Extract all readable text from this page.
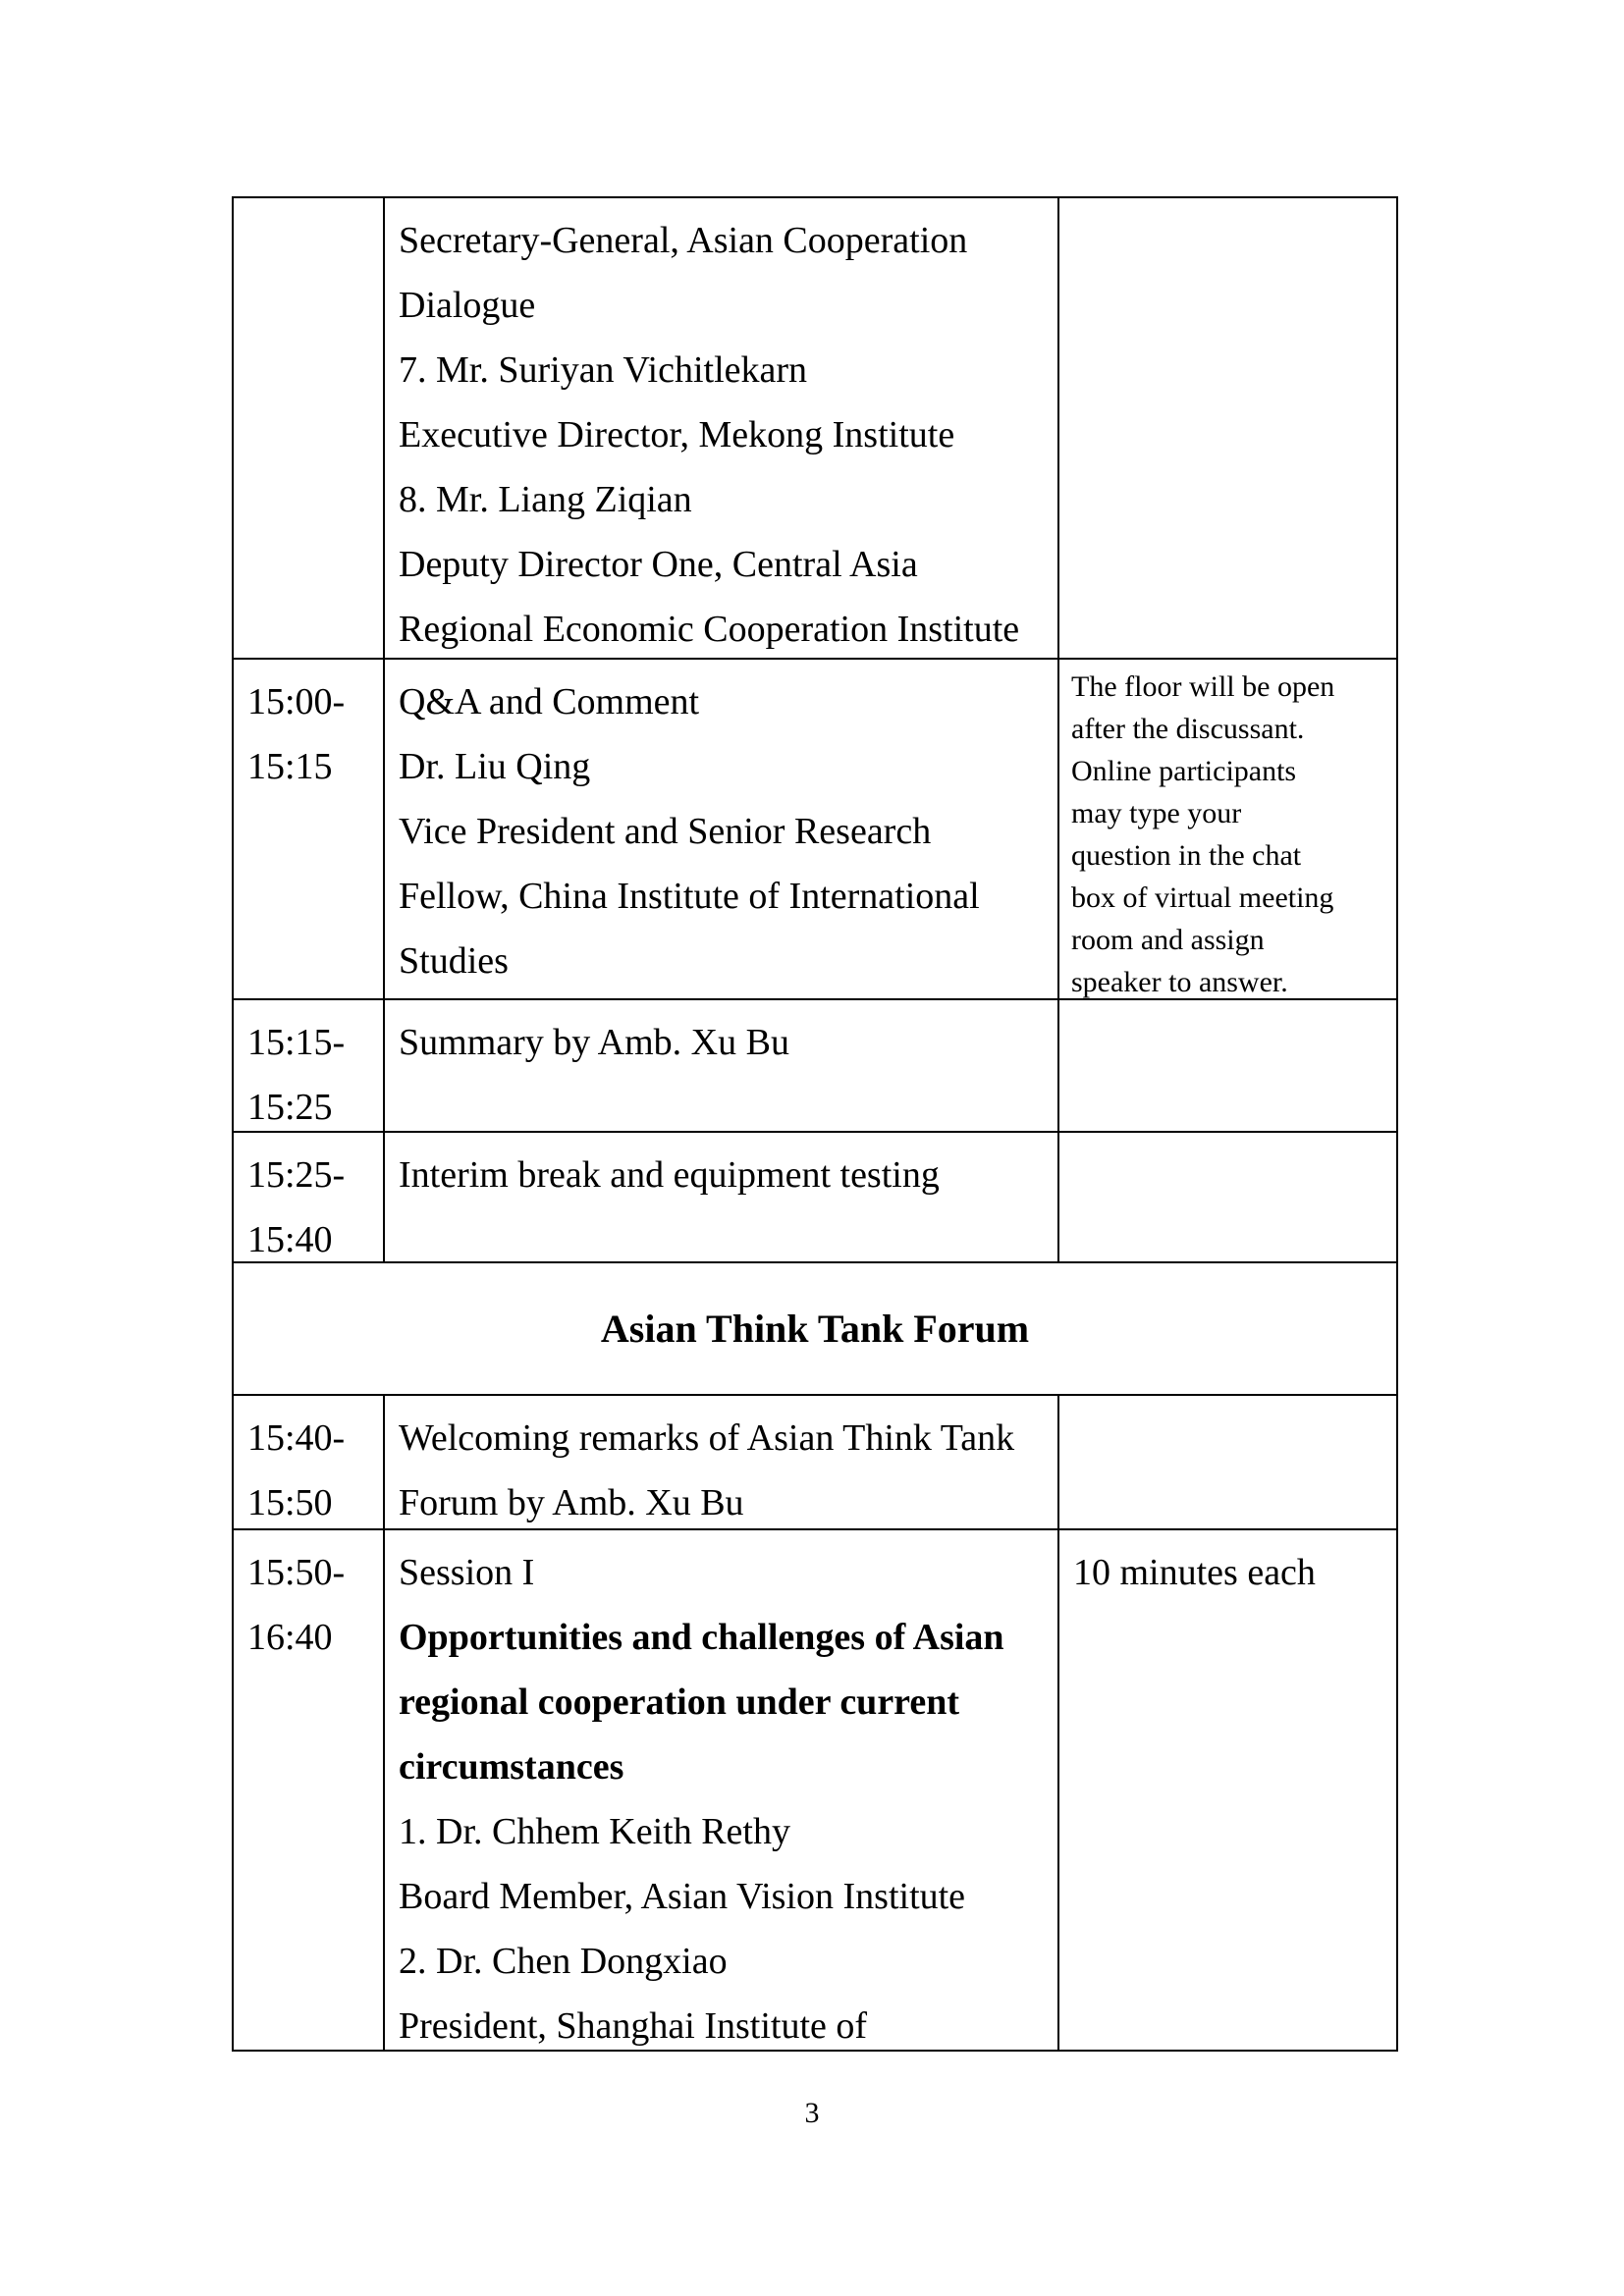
Secretary-General, Asian Cooperation
Dialogue
7. Mr. Suriyan Vichitlekarn
Executive Director, Mekong Institute
8. Mr. Liang Ziqian
Deputy Director One, Central Asia
Regional Economic Cooperation Institute
15:00-
15:15
Q&A and Comment
Dr. Liu Qing
Vice President and Senior Research
Fellow, China Institute of International
Studies
The floor will be open
after the discussant.
Online participants
may type your
question in the chat
box of virtual meeting
room and assign
speaker to answer.
15:15-
15:25
Summary by Amb. Xu Bu
15:25-
15:40
Interim break and equipment testing
Asian Think Tank Forum
15:40-
15:50
Welcoming remarks of Asian Think Tank
Forum by Amb. Xu Bu
15:50-
16:40
Session I
Opportunities and challenges of Asian
regional cooperation under current
circumstances
1. Dr. Chhem Keith Rethy
Board Member, Asian Vision Institute
2. Dr. Chen Dongxiao
President, Shanghai Institute of
10 minutes each
3
